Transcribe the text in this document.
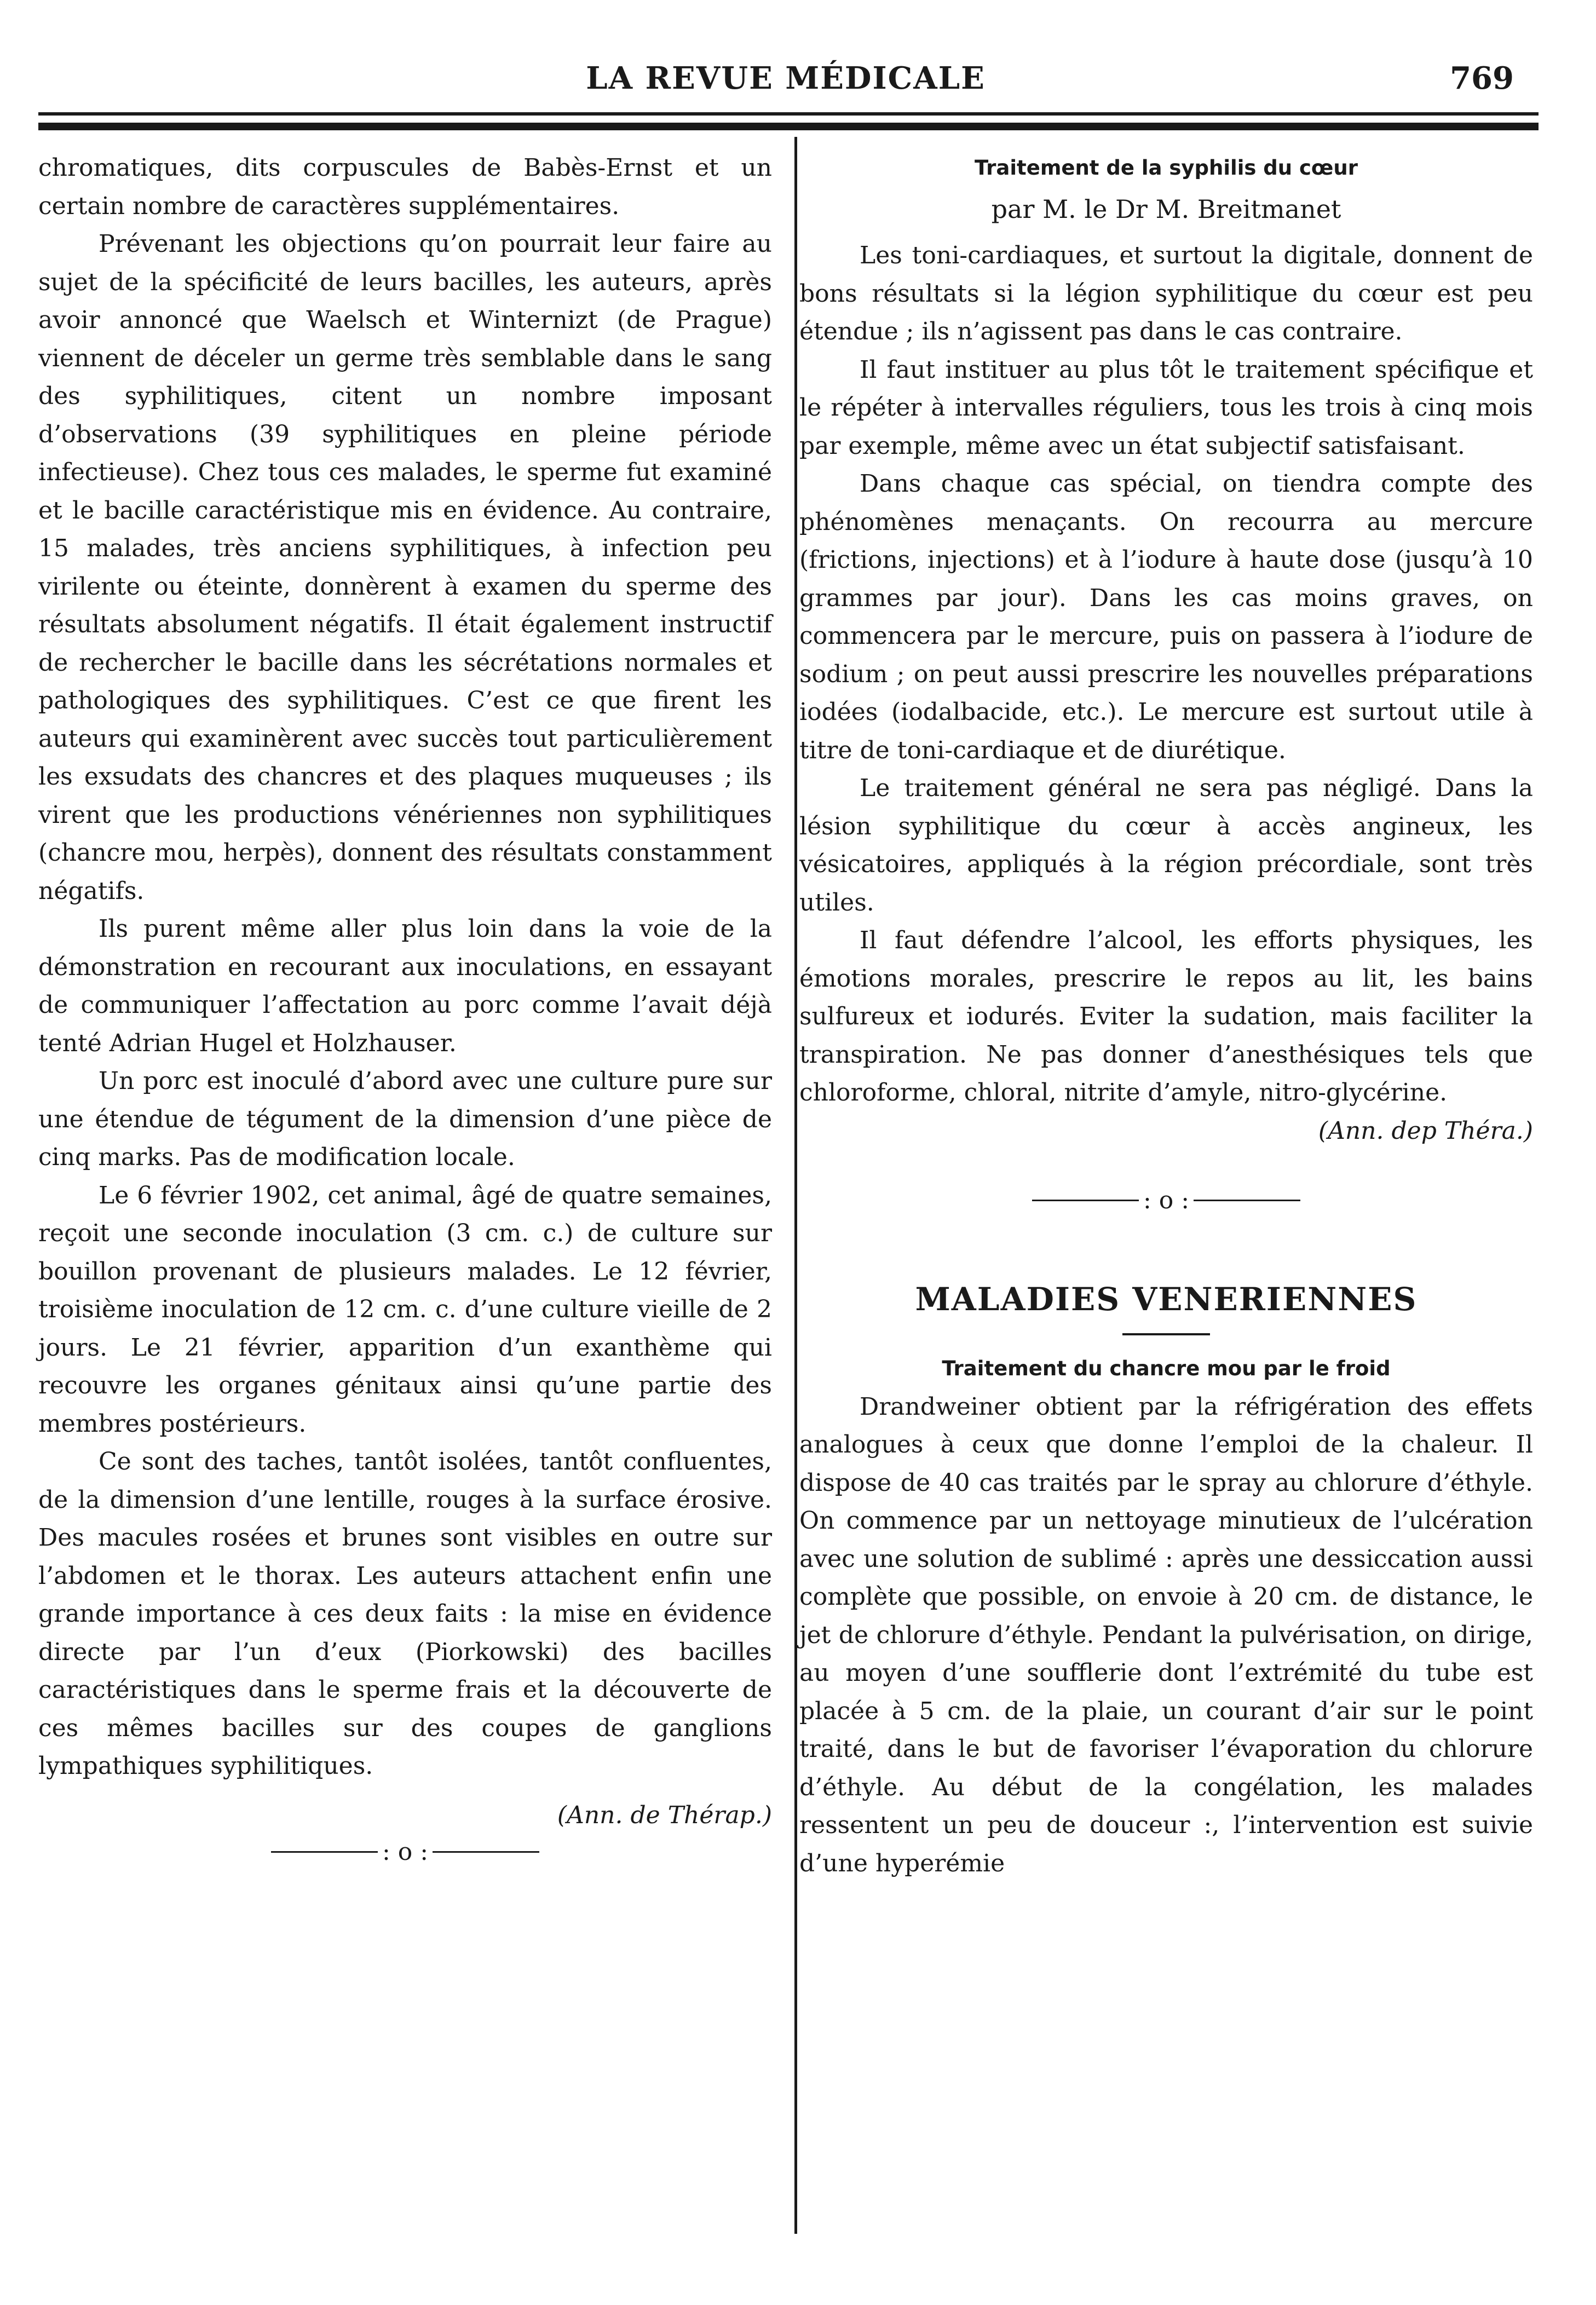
LA REVUE MÉDICALE	769

chromatiques, dits corpuscules de Babès-Ernst et un certain nombre de caractères supplémentaires.

Prévenant les objections qu’on pourrait leur faire au sujet de la spécificité de leurs bacilles, les auteurs, après avoir annoncé que Waelsch et Winternizt (de Prague) viennent de déceler un germe très semblable dans le sang des syphilitiques, citent un nombre imposant d’observations (39 syphilitiques en pleine période infectieuse). Chez tous ces malades, le sperme fut examiné et le bacille caractéristique mis en évidence. Au contraire, 15 malades, très anciens syphilitiques, à infection peu virilente ou éteinte, donnèrent à examen du sperme des résultats absolument négatifs. Il était également instructif de rechercher le bacille dans les sécrétations normales et pathologiques des syphilitiques. C’est ce que firent les auteurs qui examinèrent avec succès tout particulièrement les exsudats des chancres et des plaques muqueuses ; ils virent que les productions vénériennes non syphilitiques (chancre mou, herpès), donnent des résultats constamment négatifs.

Ils purent même aller plus loin dans la voie de la démonstration en recourant aux inoculations, en essayant de communiquer l’affectation au porc comme l’avait déjà tenté Adrian Hugel et Holzhauser.

Un porc est inoculé d’abord avec une culture pure sur une étendue de tégument de la dimension d’une pièce de cinq marks. Pas de modification locale.

Le 6 février 1902, cet animal, âgé de quatre semaines, reçoit une seconde inoculation (3 cm. c.) de culture sur bouillon provenant de plusieurs malades. Le 12 février, troisième inoculation de 12 cm. c. d’une culture vieille de 2 jours. Le 21 février, apparition d’un exanthème qui recouvre les organes génitaux ainsi qu’une partie des membres postérieurs.

Ce sont des taches, tantôt isolées, tantôt confluentes, de la dimension d’une lentille, rouges à la surface érosive. Des macules rosées et brunes sont visibles en outre sur l’abdomen et le thorax. Les auteurs attachent enfin une grande importance à ces deux faits : la mise en évidence directe par l’un d’eux (Piorkowski) des bacilles caractéristiques dans le sperme frais et la découverte de ces mêmes bacilles sur des coupes de ganglions lympathiques syphilitiques.

(Ann. de Thérap.)

: o :

Traitement de la syphilis du cœur

par M. le Dr M. Breitmanet

Les toni-cardiaques, et surtout la digitale, donnent de bons résultats si la légion syphilitique du cœur est peu étendue ; ils n’agissent pas dans le cas contraire.

Il faut instituer au plus tôt le traitement spécifique et le répéter à intervalles réguliers, tous les trois à cinq mois par exemple, même avec un état subjectif satisfaisant.

Dans chaque cas spécial, on tiendra compte des phénomènes menaçants. On recourra au mercure (frictions, injections) et à l’iodure à haute dose (jusqu’à 10 grammes par jour). Dans les cas moins graves, on commencera par le mercure, puis on passera à l’iodure de sodium ; on peut aussi prescrire les nouvelles préparations iodées (iodalbacide, etc.). Le mercure est surtout utile à titre de toni-cardiaque et de diurétique.

Le traitement général ne sera pas négligé. Dans la lésion syphilitique du cœur à accès angineux, les vésicatoires, appliqués à la région précordiale, sont très utiles.

Il faut défendre l’alcool, les efforts physiques, les émotions morales, prescrire le repos au lit, les bains sulfureux et iodurés. Eviter la sudation, mais faciliter la transpiration. Ne pas donner d’anesthésiques tels que chloroforme, chloral, nitrite d’amyle, nitro-glycérine.

(Ann. dep Théra.)

: o :

MALADIES VENERIENNES

Traitement du chancre mou par le froid

Drandweiner obtient par la réfrigération des effets analogues à ceux que donne l’emploi de la chaleur. Il dispose de 40 cas traités par le spray au chlorure d’éthyle. On commence par un nettoyage minutieux de l’ulcération avec une solution de sublimé : après une dessiccation aussi complète que possible, on envoie à 20 cm. de distance, le jet de chlorure d’éthyle. Pendant la pulvérisation, on dirige, au moyen d’une soufflerie dont l’extrémité du tube est placée à 5 cm. de la plaie, un courant d’air sur le point traité, dans le but de favoriser l’évaporation du chlorure d’éthyle. Au début de la congélation, les malades ressentent un peu de douceur :, l’intervention est suivie d’une hyperémie
